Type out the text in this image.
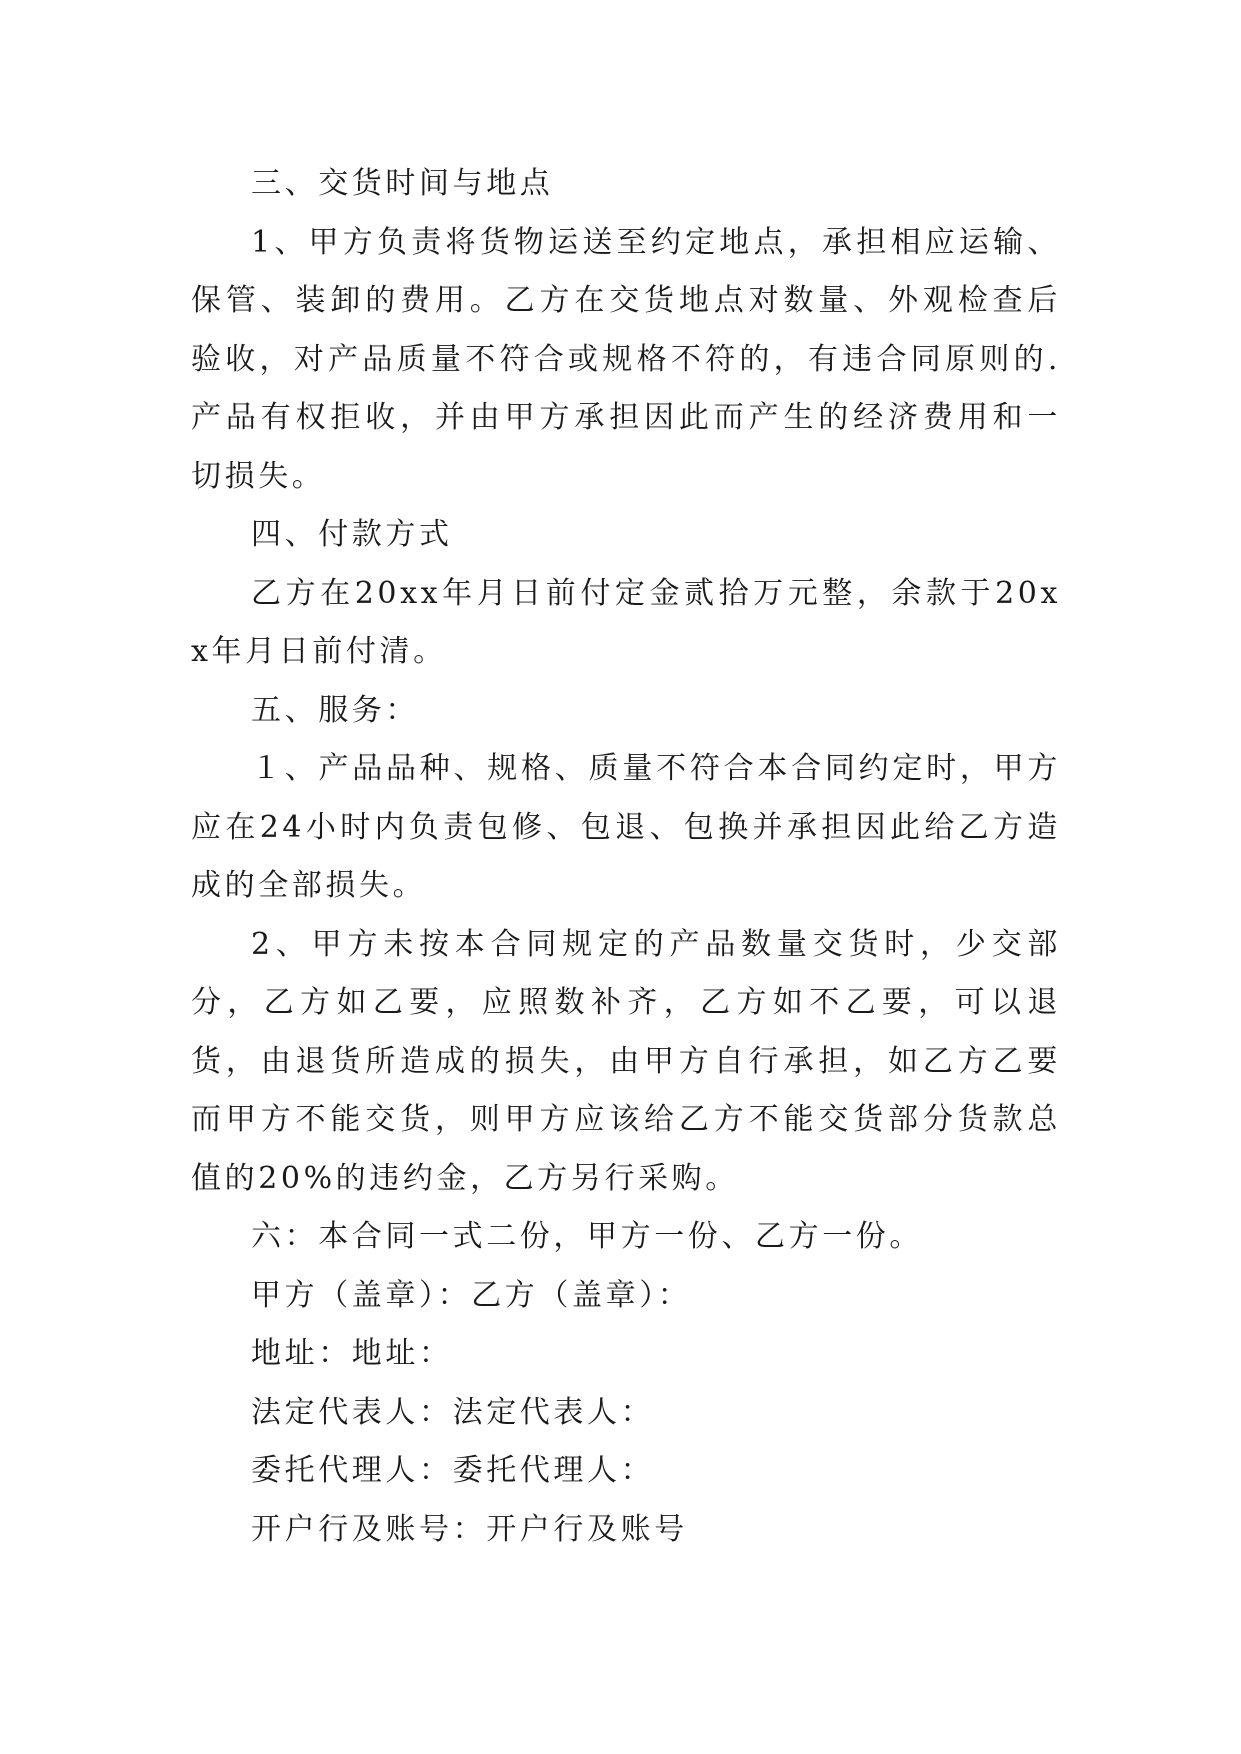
三、交货时间与地点

1、甲方负责将货物运送至约定地点，承担相应运输、保管、装卸的费用。乙方在交货地点对数量、外观检查后验收，对产品质量不符合或规格不符的，有违合同原则的.产品有权拒收，并由甲方承担因此而产生的经济费用和一切损失。

四、付款方式

乙方在20xx年月日前付定金贰拾万元整，余款于20xx年月日前付清。

五、服务：

１、产品品种、规格、质量不符合本合同约定时，甲方应在24小时内负责包修、包退、包换并承担因此给乙方造成的全部损失。

2、甲方未按本合同规定的产品数量交货时，少交部分，乙方如乙要，应照数补齐，乙方如不乙要，可以退货，由退货所造成的损失，由甲方自行承担，如乙方乙要而甲方不能交货，则甲方应该给乙方不能交货部分货款总值的20%的违约金，乙方另行采购。

六：本合同一式二份，甲方一份、乙方一份。

甲方（盖章）：乙方（盖章）：

地址：地址：

法定代表人：法定代表人：

委托代理人：委托代理人：

开户行及账号：开户行及账号
